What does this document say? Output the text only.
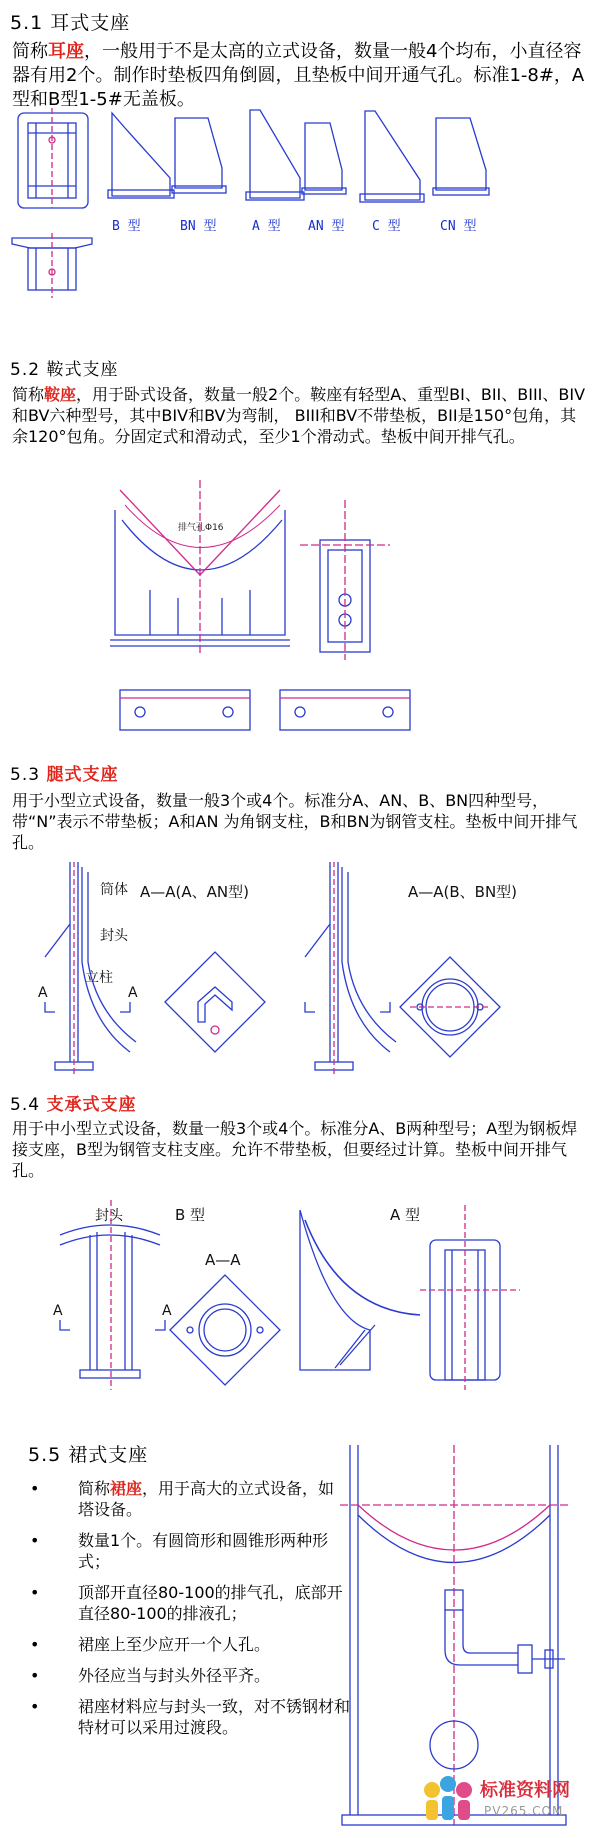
5.1 耳式支座
简称耳座，一般用于不是太高的立式设备，数量一般4个均布，小直径容器有用2个。制作时垫板四角倒圆，且垫板中间开通气孔。标准1-8#，A型和B型1-5#无盖板。
B 型	BN 型	A 型 AN 型 C 型	CN 型
5.2 鞍式支座
简称鞍座，用于卧式设备，数量一般2个。鞍座有轻型A、重型BI、BII、BIII、BIV和BV六种型号，其中BIV和BV为弯制， BIII和BV不带垫板，BII是150°包角，其余120°包角。分固定式和滑动式，至少1个滑动式。垫板中间开排气孔。
排气孔Φ16
5.3 腿式支座
用于小型立式设备，数量一般3个或4个。标准分A、AN、B、BN四种型号，带“N”表示不带垫板；A和AN 为角钢支柱，B和BN为钢管支柱。垫板中间开排气孔。
筒体
封头
立柱
A—A(A、AN型)	A—A(B、BN型)
A	A
5.4 支承式支座
用于中小型立式设备，数量一般3个或4个。标准分A、B两种型号；A型为钢板焊接支座，B型为钢管支柱支座。允许不带垫板，但要经过计算。垫板中间开排气孔。
封头	B 型	A 型
A—A
A	A
5.5 裙式支座
• 简称裙座，用于高大的立式设备，如塔设备。
• 数量1个。有圆筒形和圆锥形两种形式；
• 顶部开直径80-100的排气孔，底部开直径80-100的排液孔；
• 裙座上至少应开一个人孔。
• 外径应当与封头外径平齐。
• 裙座材料应与封头一致，对不锈钢材和特材可以采用过渡段。
标准资料网
PV265.COM
